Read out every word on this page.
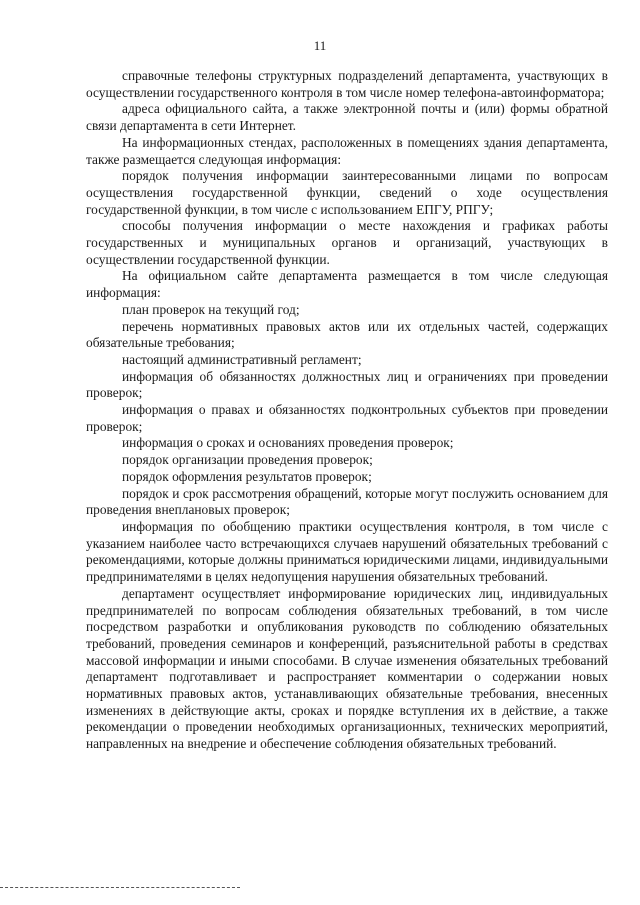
11

справочные телефоны структурных подразделений департамента, участвующих в осуществлении государственного контроля в том числе номер телефона-автоинформатора;

адреса официального сайта, а также электронной почты и (или) формы обратной связи департамента в сети Интернет.

На информационных стендах, расположенных в помещениях здания департамента, также размещается следующая информация:

порядок получения информации заинтересованными лицами по вопросам осуществления государственной функции, сведений о ходе осуществления государственной функции, в том числе с использованием ЕПГУ, РПГУ;

способы получения информации о месте нахождения и графиках работы государственных и муниципальных органов и организаций, участвующих в осуществлении государственной функции.

На официальном сайте департамента размещается в том числе следующая информация:

план проверок на текущий год;

перечень нормативных правовых актов или их отдельных частей, содержащих обязательные требования;

настоящий административный регламент;

информация об обязанностях должностных лиц и ограничениях при проведении проверок;

информация о правах и обязанностях подконтрольных субъектов при проведении проверок;

информация о сроках и основаниях проведения проверок;

порядок организации проведения проверок;

порядок оформления результатов проверок;

порядок и срок рассмотрения обращений, которые могут послужить основанием для проведения внеплановых проверок;

информация по обобщению практики осуществления контроля, в том числе с указанием наиболее часто встречающихся случаев нарушений обязательных требований с рекомендациями, которые должны приниматься юридическими лицами, индивидуальными предпринимателями в целях недопущения нарушения обязательных требований.

департамент осуществляет информирование юридических лиц, индивидуальных предпринимателей по вопросам соблюдения обязательных требований, в том числе посредством разработки и опубликования руководств по соблюдению обязательных требований, проведения семинаров и конференций, разъяснительной работы в средствах массовой информации и иными способами. В случае изменения обязательных требований департамент подготавливает и распространяет комментарии о содержании новых нормативных правовых актов, устанавливающих обязательные требования, внесенных изменениях в действующие акты, сроках и порядке вступления их в действие, а также рекомендации о проведении необходимых организационных, технических мероприятий, направленных на внедрение и обеспечение соблюдения обязательных требований.
